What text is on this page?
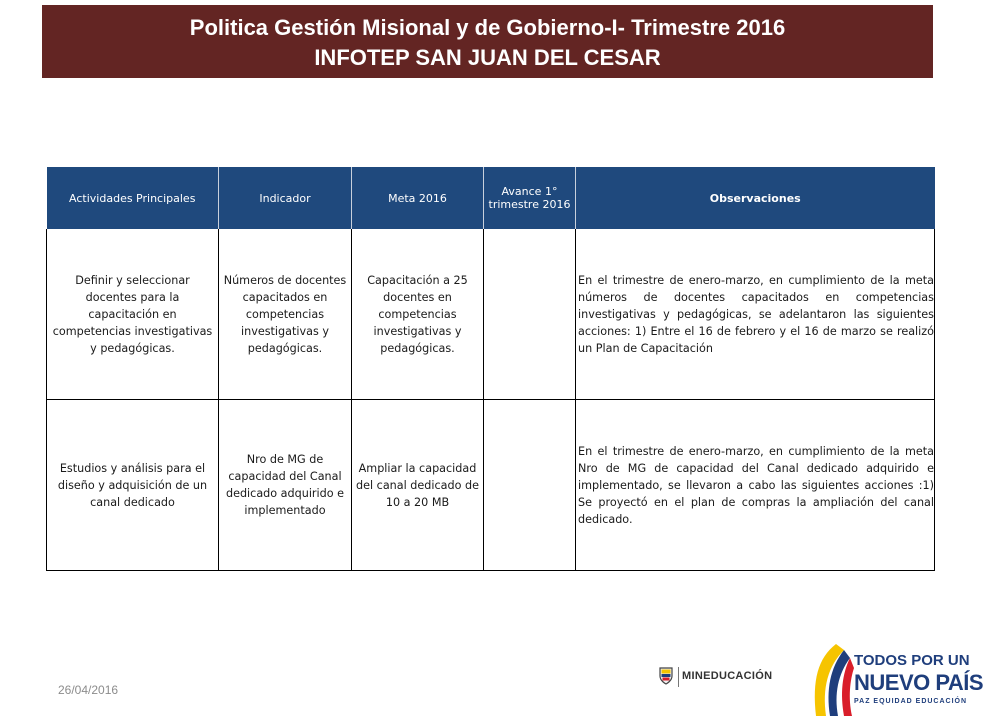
Politica Gestión Misional y de Gobierno-I- Trimestre 2016
INFOTEP SAN JUAN DEL CESAR
Actividades Principales	Indicador	Meta 2016	Avance 1° trimestre 2016	Observaciones
Definir y seleccionar docentes para la capacitación en competencias investigativas y pedagógicas.	Números de docentes capacitados en competencias investigativas y pedagógicas.	Capacitación a 25 docentes en competencias investigativas y pedagógicas.		En el trimestre de enero-marzo, en cumplimiento de la meta números de docentes capacitados en competencias investigativas y pedagógicas, se adelantaron las siguientes acciones: 1) Entre el 16 de febrero y el 16 de marzo se realizó un Plan de Capacitación
Estudios y análisis para el diseño y adquisición de un canal dedicado	Nro de MG de capacidad del Canal dedicado adquirido e implementado	Ampliar la capacidad del canal dedicado de 10 a 20 MB		En el trimestre de enero-marzo, en cumplimiento de la meta Nro de MG de capacidad del Canal dedicado adquirido e implementado, se llevaron a cabo las siguientes acciones :1) Se proyectó en el plan de compras la ampliación del canal dedicado.
26/04/2016
MINEDUCACIÓN
TODOS POR UN
NUEVO PAÍS
PAZ EQUIDAD EDUCACIÓN
